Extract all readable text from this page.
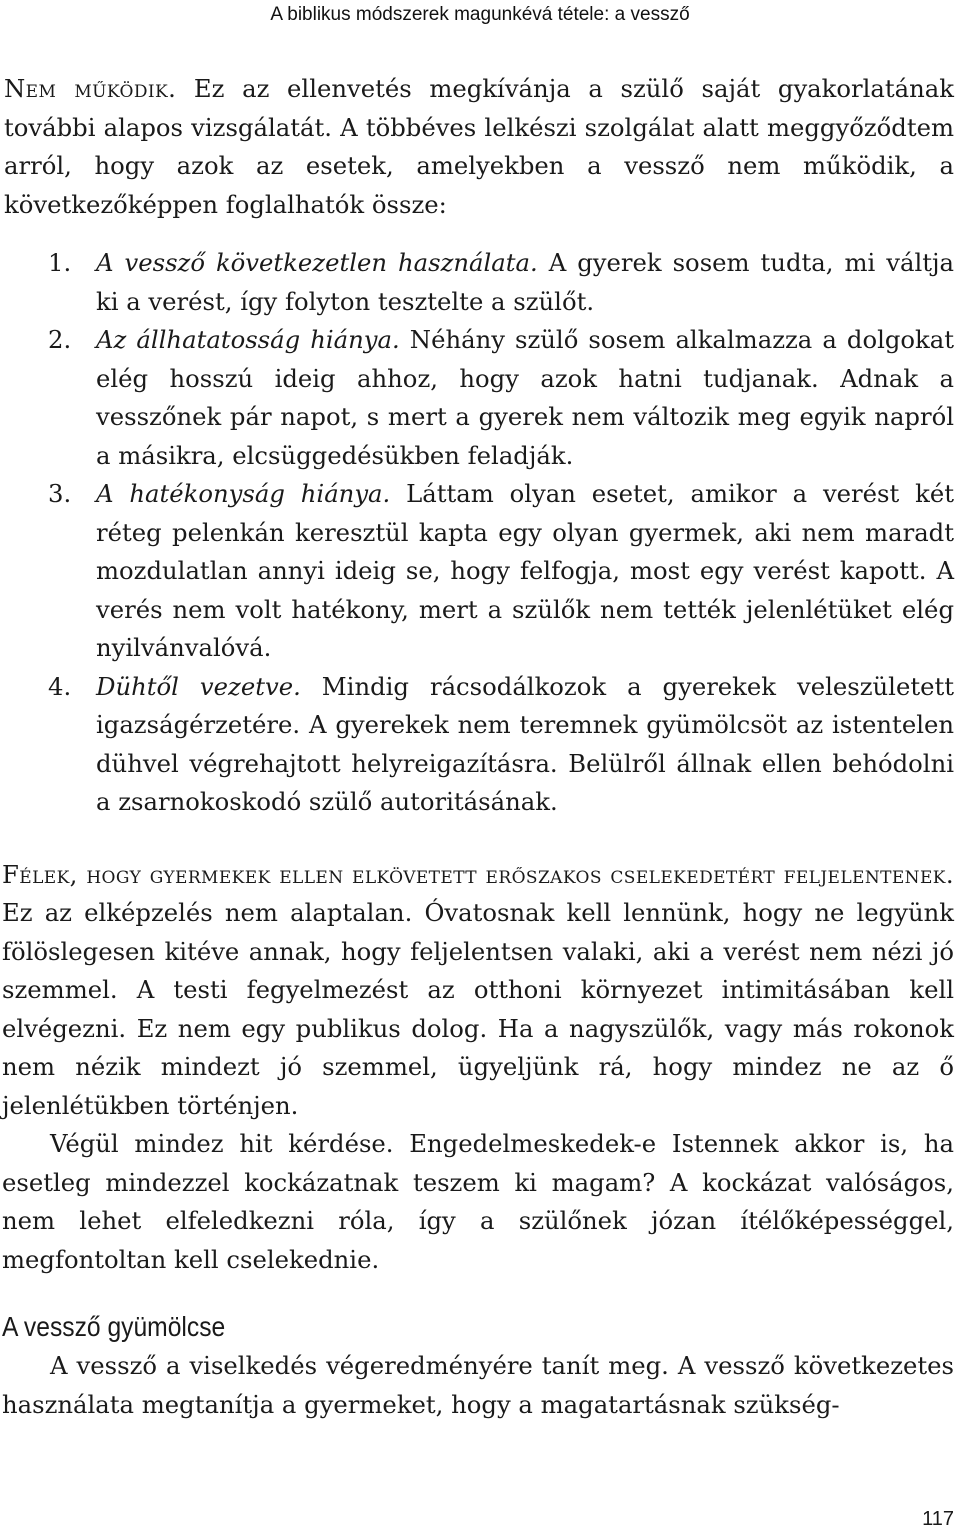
A biblikus módszerek magunkévá tétele: a vessző

Nem működik. Ez az ellenvetés megkívánja a szülő saját gyakorlatának további alapos vizsgálatát. A többéves lelkészi szolgálat alatt meggyőződtem arról, hogy azok az esetek, amelyekben a vessző nem működik, a következőképpen foglalhatók össze:

1. A vessző következetlen használata. A gyerek sosem tudta, mi váltja ki a verést, így folyton tesztelte a szülőt.
2. Az állhatatosság hiánya. Néhány szülő sosem alkalmazza a dolgokat elég hosszú ideig ahhoz, hogy azok hatni tudjanak. Adnak a vesszőnek pár napot, s mert a gyerek nem változik meg egyik napról a másikra, elcsüggedésükben feladják.
3. A hatékonyság hiánya. Láttam olyan esetet, amikor a verést két réteg pelenkán keresztül kapta egy olyan gyermek, aki nem maradt mozdulatlan annyi ideig se, hogy felfogja, most egy verést kapott. A verés nem volt hatékony, mert a szülők nem tették jelenlétüket elég nyilvánvalóvá.
4. Dühtől vezetve. Mindig rácsodálkozok a gyerekek veleszületett igazságérzetére. A gyerekek nem teremnek gyümölcsöt az istentelen dühvel végrehajtott helyreigazításra. Belülről állnak ellen behódolni a zsarnokoskodó szülő autoritásának.

Félek, hogy gyermekek ellen elkövetett erőszakos cselekedetért feljelentenek. Ez az elképzelés nem alaptalan. Óvatosnak kell lennünk, hogy ne legyünk fölöslegesen kitéve annak, hogy feljelentsen valaki, aki a verést nem nézi jó szemmel. A testi fegyelmezést az otthoni környezet intimitásában kell elvégezni. Ez nem egy publikus dolog. Ha a nagyszülők, vagy más rokonok nem nézik mindezt jó szemmel, ügyeljünk rá, hogy mindez ne az ő jelenlétükben történjen.

Végül mindez hit kérdése. Engedelmeskedek-e Istennek akkor is, ha esetleg mindezzel kockázatnak teszem ki magam? A kockázat valóságos, nem lehet elfeledkezni róla, így a szülőnek józan ítélőképességgel, megfontoltan kell cselekednie.

A vessző gyümölcse

A vessző a viselkedés végeredményére tanít meg. A vessző következetes használata megtanítja a gyermeket, hogy a magatartásnak szükség-

117
